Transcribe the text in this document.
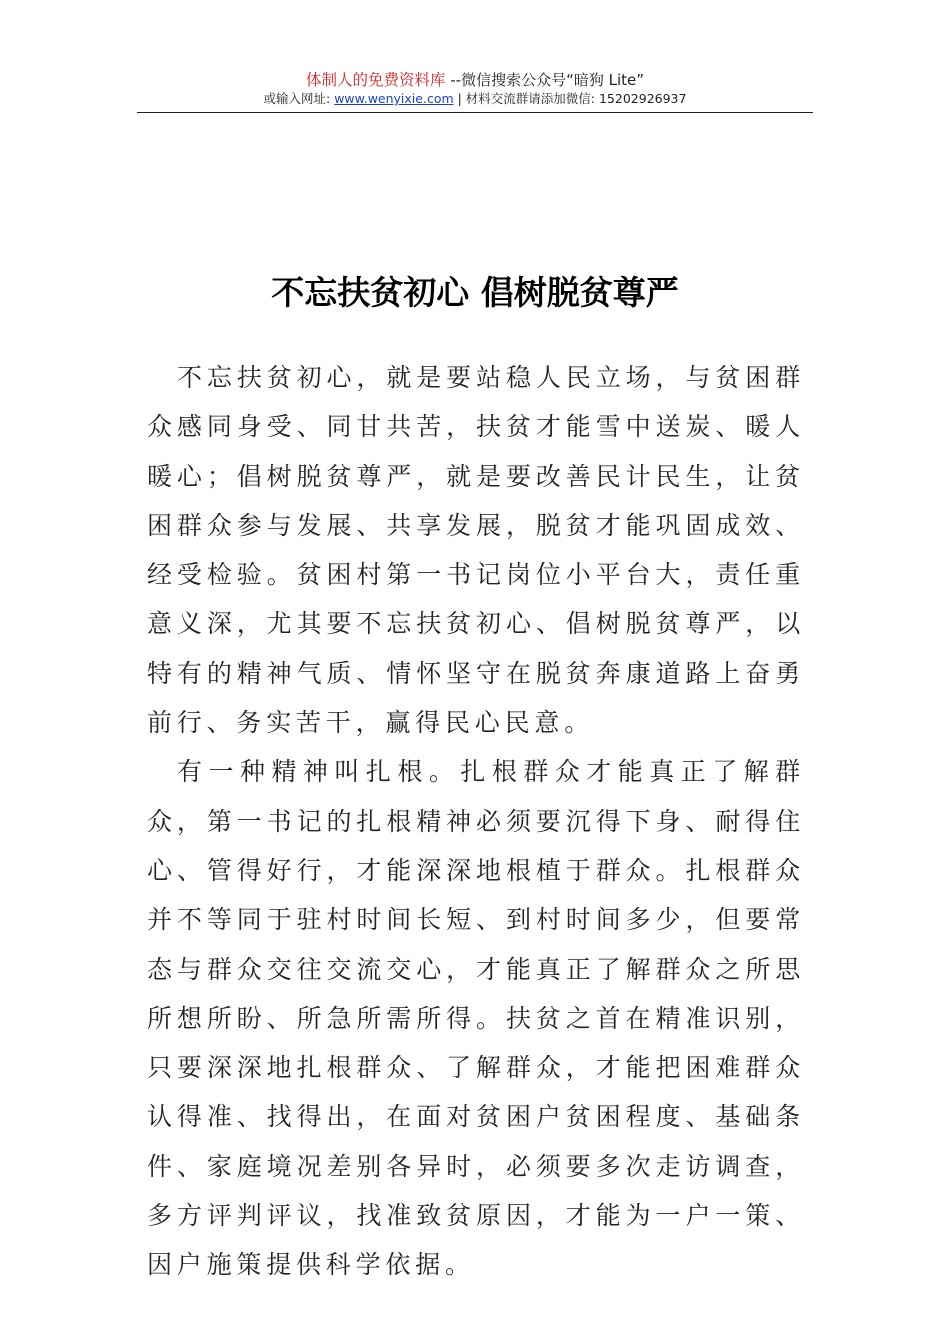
体制人的免费资料库 --微信搜索公众号“暗狗 Lite”
或输入网址: www.wenyixie.com | 材料交流群请添加微信: 15202926937
不忘扶贫初心 倡树脱贫尊严

不忘扶贫初心，就是要站稳人民立场，与贫困群众感同身受、同甘共苦，扶贫才能雪中送炭、暖人暖心；倡树脱贫尊严，就是要改善民计民生，让贫困群众参与发展、共享发展，脱贫才能巩固成效、经受检验。贫困村第一书记岗位小平台大，责任重意义深，尤其要不忘扶贫初心、倡树脱贫尊严，以特有的精神气质、情怀坚守在脱贫奔康道路上奋勇前行、务实苦干，赢得民心民意。

有一种精神叫扎根。扎根群众才能真正了解群众，第一书记的扎根精神必须要沉得下身、耐得住心、管得好行，才能深深地根植于群众。扎根群众并不等同于驻村时间长短、到村时间多少，但要常态与群众交往交流交心，才能真正了解群众之所思所想所盼、所急所需所得。扶贫之首在精准识别，只要深深地扎根群众、了解群众，才能把困难群众认得准、找得出，在面对贫困户贫困程度、基础条件、家庭境况差别各异时，必须要多次走访调查，多方评判评议，找准致贫原因，才能为一户一策、因户施策提供科学依据。
